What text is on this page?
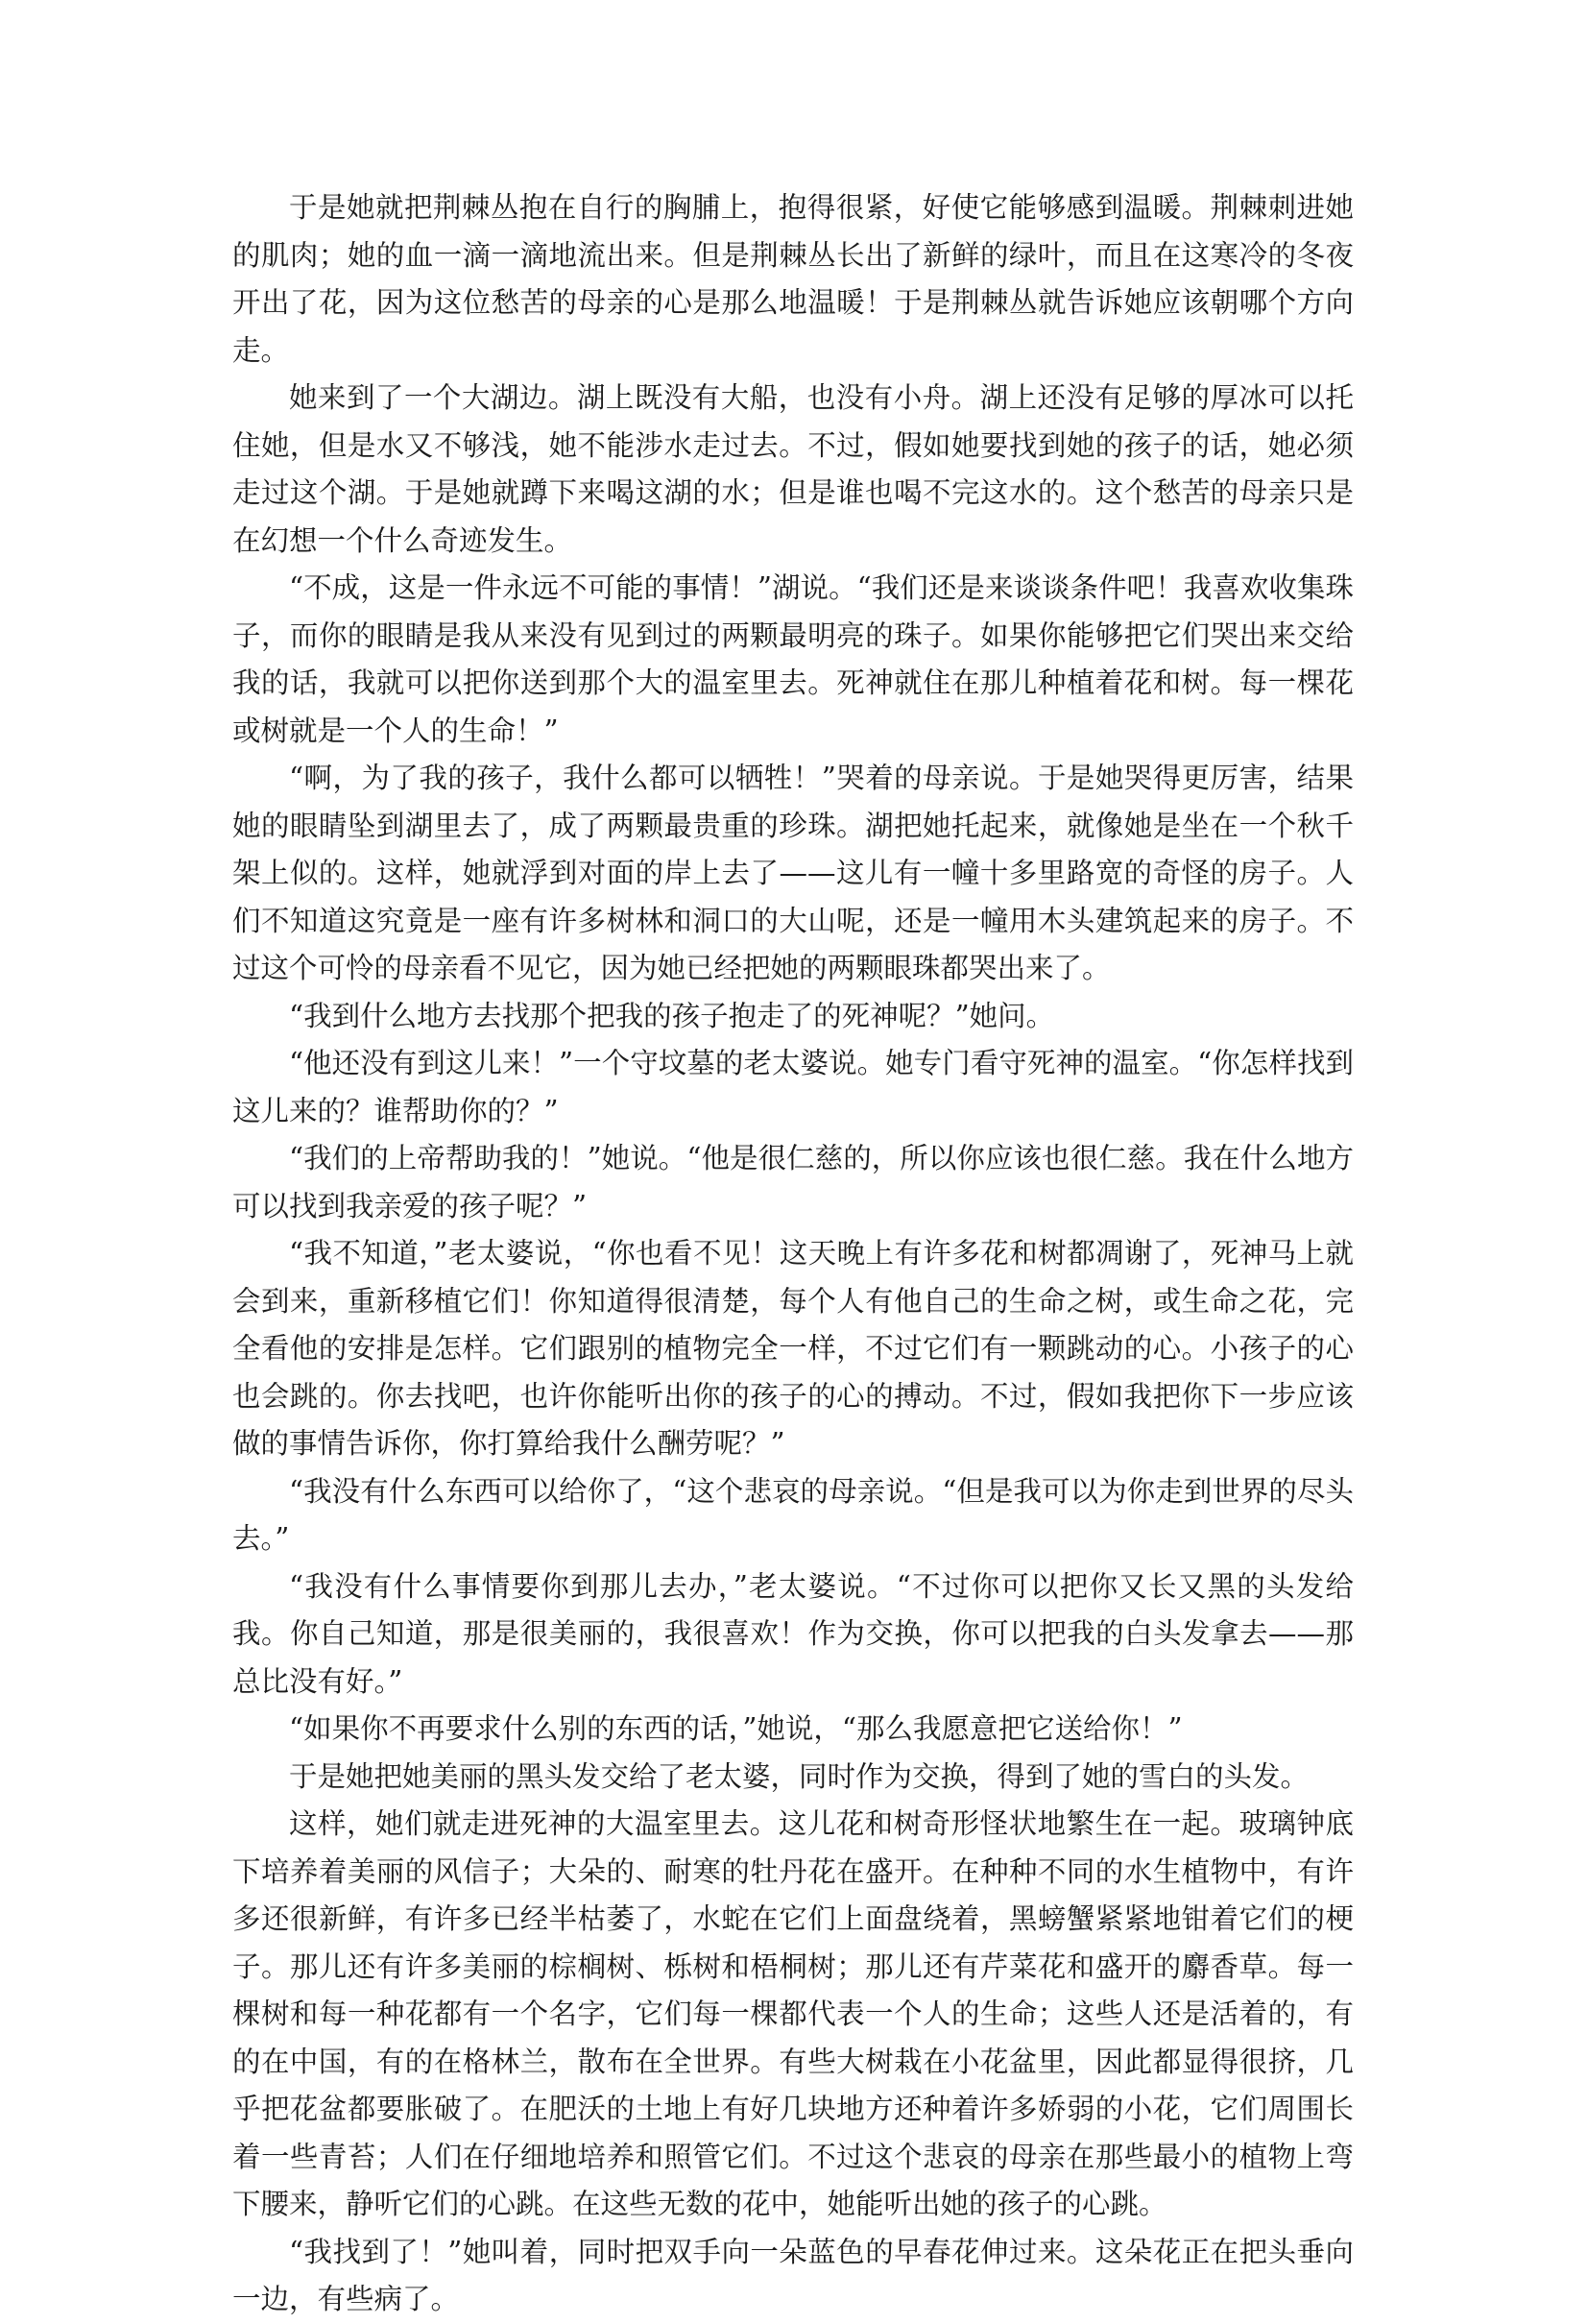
于是她就把荆棘丛抱在自行的胸脯上，抱得很紧，好使它能够感到温暖。荆棘刺进她的肌肉；她的血一滴一滴地流出来。但是荆棘丛长出了新鲜的绿叶，而且在这寒冷的冬夜开出了花，因为这位愁苦的母亲的心是那么地温暖！于是荆棘丛就告诉她应该朝哪个方向走。

她来到了一个大湖边。湖上既没有大船，也没有小舟。湖上还没有足够的厚冰可以托住她，但是水又不够浅，她不能涉水走过去。不过，假如她要找到她的孩子的话，她必须走过这个湖。于是她就蹲下来喝这湖的水；但是谁也喝不完这水的。这个愁苦的母亲只是在幻想一个什么奇迹发生。

“不成，这是一件永远不可能的事情！”湖说。“我们还是来谈谈条件吧！我喜欢收集珠子，而你的眼睛是我从来没有见到过的两颗最明亮的珠子。如果你能够把它们哭出来交给我的话，我就可以把你送到那个大的温室里去。死神就住在那儿种植着花和树。每一棵花或树就是一个人的生命！”

“啊，为了我的孩子，我什么都可以牺牲！”哭着的母亲说。于是她哭得更厉害，结果她的眼睛坠到湖里去了，成了两颗最贵重的珍珠。湖把她托起来，就像她是坐在一个秋千架上似的。这样，她就浮到对面的岸上去了——这儿有一幢十多里路宽的奇怪的房子。人们不知道这究竟是一座有许多树林和洞口的大山呢，还是一幢用木头建筑起来的房子。不过这个可怜的母亲看不见它，因为她已经把她的两颗眼珠都哭出来了。

“我到什么地方去找那个把我的孩子抱走了的死神呢？”她问。

“他还没有到这儿来！”一个守坟墓的老太婆说。她专门看守死神的温室。“你怎样找到这儿来的？谁帮助你的？”

“我们的上帝帮助我的！”她说。“他是很仁慈的，所以你应该也很仁慈。我在什么地方可以找到我亲爱的孩子呢？”

“我不知道，”老太婆说，“你也看不见！这天晚上有许多花和树都凋谢了，死神马上就会到来，重新移植它们！你知道得很清楚，每个人有他自己的生命之树，或生命之花，完全看他的安排是怎样。它们跟别的植物完全一样，不过它们有一颗跳动的心。小孩子的心也会跳的。你去找吧，也许你能听出你的孩子的心的搏动。不过，假如我把你下一步应该做的事情告诉你，你打算给我什么酬劳呢？”

“我没有什么东西可以给你了，“这个悲哀的母亲说。“但是我可以为你走到世界的尽头去。”

“我没有什么事情要你到那儿去办，”老太婆说。“不过你可以把你又长又黑的头发给我。你自己知道，那是很美丽的，我很喜欢！作为交换，你可以把我的白头发拿去——那总比没有好。”

“如果你不再要求什么别的东西的话，”她说，“那么我愿意把它送给你！”

于是她把她美丽的黑头发交给了老太婆，同时作为交换，得到了她的雪白的头发。

这样，她们就走进死神的大温室里去。这儿花和树奇形怪状地繁生在一起。玻璃钟底下培养着美丽的风信子；大朵的、耐寒的牡丹花在盛开。在种种不同的水生植物中，有许多还很新鲜，有许多已经半枯萎了，水蛇在它们上面盘绕着，黑螃蟹紧紧地钳着它们的梗子。那儿还有许多美丽的棕榈树、栎树和梧桐树；那儿还有芹菜花和盛开的麝香草。每一棵树和每一种花都有一个名字，它们每一棵都代表一个人的生命；这些人还是活着的，有的在中国，有的在格林兰，散布在全世界。有些大树栽在小花盆里，因此都显得很挤，几乎把花盆都要胀破了。在肥沃的土地上有好几块地方还种着许多娇弱的小花，它们周围长着一些青苔；人们在仔细地培养和照管它们。不过这个悲哀的母亲在那些最小的植物上弯下腰来，静听它们的心跳。在这些无数的花中，她能听出她的孩子的心跳。

“我找到了！”她叫着，同时把双手向一朵蓝色的早春花伸过来。这朵花正在把头垂向一边，有些病了。
